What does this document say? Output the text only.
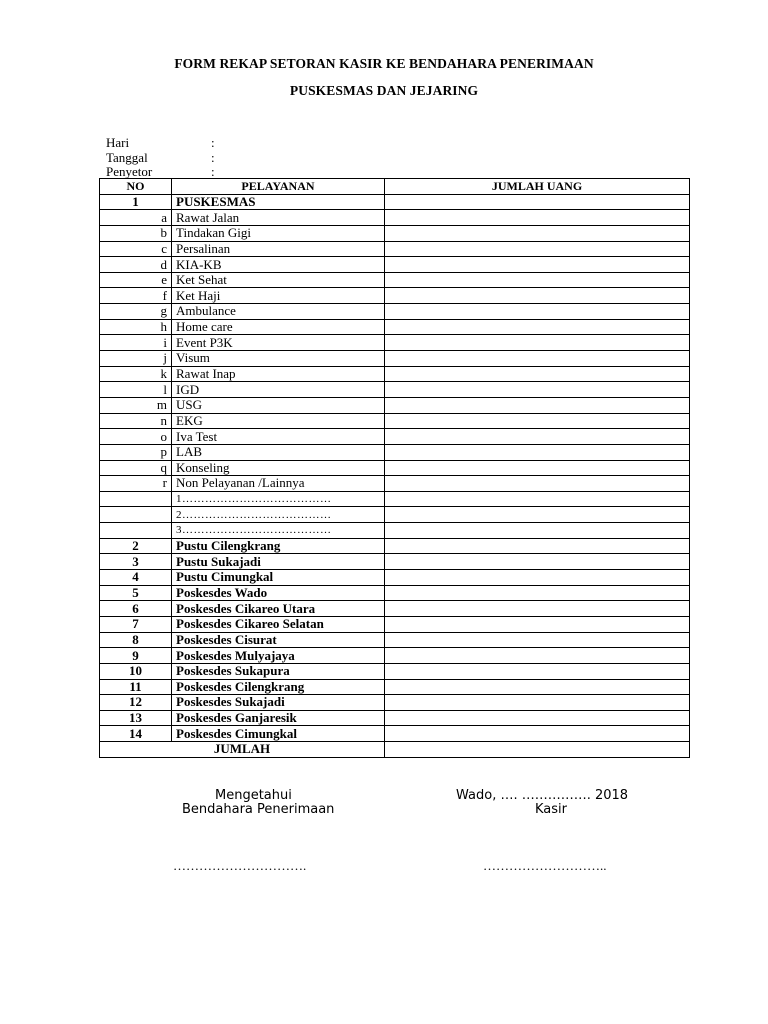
FORM REKAP SETORAN KASIR KE BENDAHARA PENERIMAAN
PUSKESMAS DAN JEJARING
Hari	:
Tanggal	:
Penyetor	:
NO	PELAYANAN	JUMLAH UANG
1	PUSKESMAS	
a	Rawat Jalan	
b	Tindakan Gigi	
c	Persalinan	
d	KIA-KB	
e	Ket Sehat	
f	Ket Haji	
g	Ambulance	
h	Home care	
i	Event P3K	
j	Visum	
k	Rawat Inap	
l	IGD	
m	USG	
n	EKG	
o	Iva Test	
p	LAB	
q	Konseling	
r	Non Pelayanan /Lainnya	
	1…………………………………	
	2…………………………………	
	3…………………………………	
2	Pustu Cilengkrang	
3	Pustu Sukajadi	
4	Pustu Cimungkal	
5	Poskesdes Wado	
6	Poskesdes Cikareo Utara	
7	Poskesdes Cikareo Selatan	
8	Poskesdes Cisurat	
9	Poskesdes Mulyajaya	
10	Poskesdes Sukapura	
11	Poskesdes Cilengkrang	
12	Poskesdes Sukajadi	
13	Poskesdes Ganjaresik	
14	Poskesdes Cimungkal	
JUMLAH		
Mengetahui
Bendahara Penerimaan
………………………….
Wado, …. ……………. 2018
Kasir
………………………..
